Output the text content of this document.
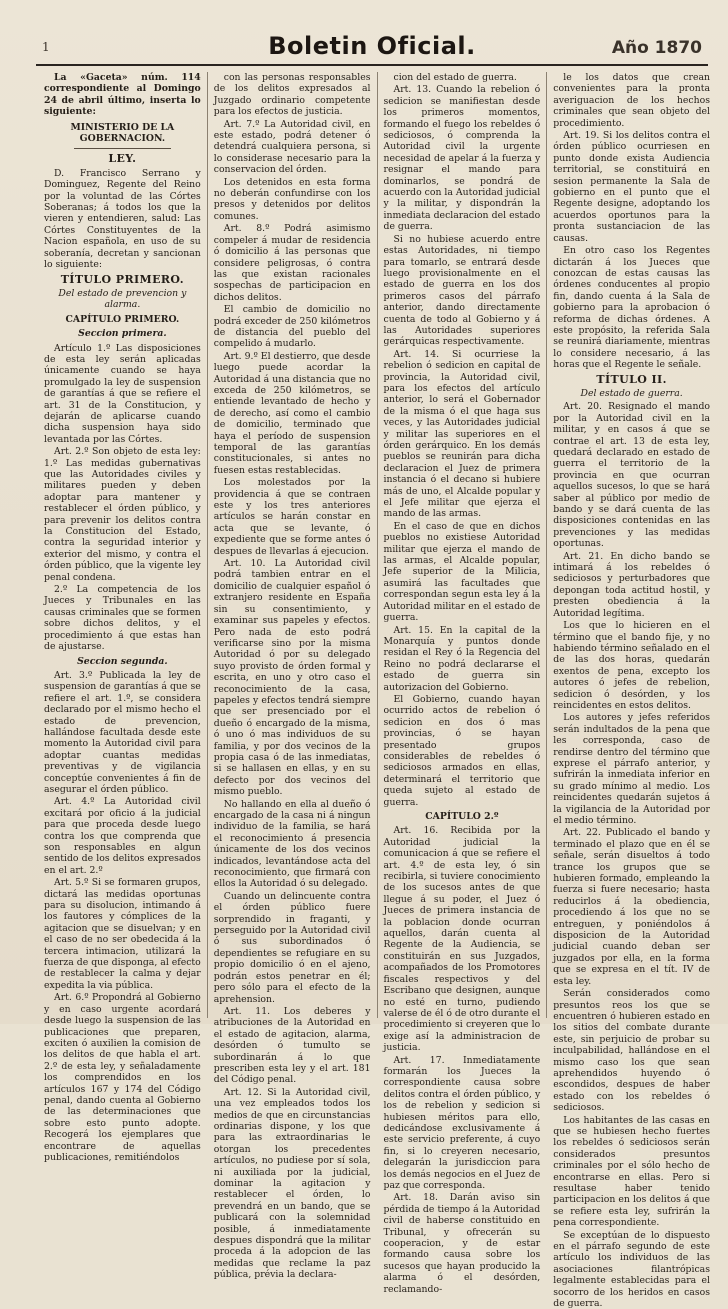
1	Boletin Oficial.	Año 1870

La «Gaceta» núm. 114 correspondiente al Domingo 24 de abril último, inserta lo siguiente:

MINISTERIO DE LA GOBERNACION.

LEY.

D. Francisco Serrano y Dominguez, Regente del Reino por la voluntad de las Córtes Soberanas; á todos los que la vieren y entendieren, salud: Las Córtes Constituyentes de la Nacion española, en uso de su soberanía, decretan y sancionan lo siguiente:

TÍTULO PRIMERO.

Del estado de prevencion y alarma.

CAPÍTULO PRIMERO.

Seccion primera.

Artículo 1.º Las disposiciones de esta ley serán aplicadas únicamente cuando se haya promulgado la ley de suspension de garantías á que se refiere el art. 31 de la Constitucion, y dejarán de aplicarse cuando dicha suspension haya sido levantada por las Córtes.

Art. 2.º Son objeto de esta ley: 1.º Las medidas gubernativas que las Autoridades civiles y militares pueden y deben adoptar para mantener y restablecer el órden público, y para prevenir los delitos contra la Constitucion del Estado, contra la seguridad interior y exterior del mismo, y contra el órden público, que la vigente ley penal condena.

2.º La competencia de los Jueces y Tribunales en las causas criminales que se formen sobre dichos delitos, y el procedimiento á que estas han de ajustarse.

Seccion segunda.

Art. 3.º Publicada la ley de suspension de garantías á que se refiere el art. 1.º, se considera declarado por el mismo hecho el estado de prevencion, hallándose facultada desde este momento la Autoridad civil para adoptar cuantas medidas preventivas y de vigilancia conceptúe convenientes á fin de asegurar el órden público.

Art. 4.º La Autoridad civil excitará por oficio á la judicial para que proceda desde luego contra los que comprenda que son responsables en algun sentido de los delitos expresados en el art. 2.º

Art. 5.º Si se formaren grupos, dictará las medidas oportunas para su disolucion, intimando á los fautores y cómplices de la agitacion que se disuelvan; y en el caso de no ser obedecida á la tercera intimacion, utilizará la fuerza de que disponga, al efecto de restablecer la calma y dejar expedita la via pública.

Art. 6.º Propondrá al Gobierno y en caso urgente acordará desde luego la suspension de las publicaciones que preparen, exciten ó auxilien la comision de los delitos de que habla el art. 2.º de esta ley, y señaladamente los comprendidos en los artículos 167 y 174 del Código penal, dando cuenta al Gobierno de las determinaciones que sobre esto punto adopte. Recogerá los ejemplares que encontrare de aquellas publicaciones, remitiéndolos

con las personas responsables de los delitos expresados al Juzgado ordinario competente para los efectos de justicia.

Art. 7.º La Autoridad civil, en este estado, podrá detener ó detendrá cualquiera persona, si lo considerase necesario para la conservacion del órden.

Los detenidos en esta forma no deberán confundirse con los presos y detenidos por delitos comunes.

Art. 8.º Podrá asimismo compeler á mudar de residencia ó domicilio á las personas que considere peligrosas, ó contra las que existan racionales sospechas de participacion en dichos delitos.

El cambio de domicilio no podrá exceder de 250 kilómetros de distancia del pueblo del compelido á mudarlo.

Art. 9.º El destierro, que desde luego puede acordar la Autoridad á una distancia que no exceda de 250 kilómetros, se entiende levantado de hecho y de derecho, así como el cambio de domicilio, terminado que haya el período de suspension temporal de las garantías constitucionales, si antes no fuesen estas restablecidas.

Los molestados por la providencia á que se contraen este y los tres anteriores artículos se harán constar en acta que se levante, ó expediente que se forme antes ó despues de llevarlas á ejecucion.

Art. 10. La Autoridad civil podrá tambien entrar en el domicilio de cualquier español ó extranjero residente en España sin su consentimiento, y examinar sus papeles y efectos. Pero nada de esto podrá verificarse sino por la misma Autoridad ó por su delegado suyo provisto de órden formal y escrita, en uno y otro caso el reconocimiento de la casa, papeles y efectos tendrá siempre que ser presenciado por el dueño ó encargado de la misma, ó uno ó mas individuos de su familia, y por dos vecinos de la propia casa ó de las inmediatas, si se hallasen en ellas, y en su defecto por dos vecinos del mismo pueblo.

No hallando en ella al dueño ó encargado de la casa ni á ningun individuo de la familia, se hará el reconocimiento á presencia únicamente de los dos vecinos indicados, levantándose acta del reconocimiento, que firmará con ellos la Autoridad ó su delegado.

Cuando un delincuente contra el órden público fuere sorprendido in fraganti, y perseguido por la Autoridad civil ó sus subordinados ó dependientes se refugiare en su propio domicilio ó en el ajeno, podrán estos penetrar en él; pero sólo para el efecto de la aprehension.

Art. 11. Los deberes y atribuciones de la Autoridad en el estado de agitacion, alarma, desórden ó tumulto se subordinarán á lo que prescriben esta ley y el art. 181 del Código penal.

Art. 12. Si la Autoridad civil, una vez empleados todos los medios de que en circunstancias ordinarias dispone, y los que para las extraordinarias le otorgan los precedentes artículos, no pudiese por sí sola, ni auxiliada por la judicial, dominar la agitacion y restablecer el órden, lo prevendrá en un bando, que se publicará con la solemnidad posible, á inmediatamente despues dispondrá que la militar proceda á la adopcion de las medidas que reclame la paz pública, prévia la declara-

cion del estado de guerra.

Art. 13. Cuando la rebelion ó sedicion se manifiestan desde los primeros momentos, formando el fuego los rebeldes ó sediciosos, ó comprenda la Autoridad civil la urgente necesidad de apelar á la fuerza y resignar el mando para dominarlos, se pondrá de acuerdo con la Autoridad judicial y la militar, y dispondrán la inmediata declaracion del estado de guerra.

Si no hubiese acuerdo entre estas Autoridades, ni tiempo para tomarlo, se entrará desde luego provisionalmente en el estado de guerra en los dos primeros casos del párrafo anterior, dando directamente cuenta de todo al Gobierno y á las Autoridades superiores gerárquicas respectivamente.

Art. 14. Si ocurriese la rebelion ó sedicion en capital de provincia, la Autoridad civil, para los efectos del artículo anterior, lo será el Gobernador de la misma ó el que haga sus veces, y las Autoridades judicial y militar las superiores en el órden gerárquico. En los demás pueblos se reunirán para dicha declaracion el Juez de primera instancia ó el decano si hubiere más de uno, el Alcalde popular y el Jefe militar que ejerza el mando de las armas.

En el caso de que en dichos pueblos no existiese Autoridad militar que ejerza el mando de las armas, el Alcalde popular, Jefe superior de la Milicia, asumirá las facultades que correspondan segun esta ley á la Autoridad militar en el estado de guerra.

Art. 15. En la capital de la Monarquía y puntos donde residan el Rey ó la Regencia del Reino no podrá declararse el estado de guerra sin autorizacion del Gobierno.

El Gobierno, cuando hayan ocurrido actos de rebelion ó sedicion en dos ó mas provincias, ó se hayan presentado grupos considerables de rebeldes ó sediciosos armados en ellas, determinará el territorio que queda sujeto al estado de guerra.

CAPÍTULO 2.º

Art. 16. Recibida por la Autoridad judicial la comunicacion á que se refiere el art. 4.º de esta ley, ó sin recibirla, si tuviere conocimiento de los sucesos antes de que llegue á su poder, el Juez ó Jueces de primera instancia de la poblacion donde ocurran aquellos, darán cuenta al Regente de la Audiencia, se constituirán en sus Juzgados, acompañados de los Promotores fiscales respectivos y del Escribano que designen, aunque no esté en turno, pudiendo valerse de él ó de otro durante el procedimiento si creyeren que lo exige así la administracion de justicia.

Art. 17. Inmediatamente formarán los Jueces la correspondiente causa sobre delitos contra el órden público, y los de rebelion y sedicion si hubiesen méritos para ello, dedicándose exclusivamente á este servicio preferente, á cuyo fin, si lo creyeren necesario, delegarán la jurisdiccion para los demás negocios en el Juez de paz que corresponda.

Art. 18. Darán aviso sin pérdida de tiempo á la Autoridad civil de haberse constituido en Tribunal, y ofrecerán su cooperacion, y de estar formando causa sobre los sucesos que hayan producido la alarma ó el desórden, reclamando-

le los datos que crean convenientes para la pronta averiguacion de los hechos criminales que sean objeto del procedimiento.

Art. 19. Si los delitos contra el órden público ocurriesen en punto donde exista Audiencia territorial, se constituirá en sesion permanente la Sala de gobierno en el punto que el Regente designe, adoptando los acuerdos oportunos para la pronta sustanciacion de las causas.

En otro caso los Regentes dictarán á los Jueces que conozcan de estas causas las órdenes conducentes al propio fin, dando cuenta á la Sala de gobierno para la aprobacion ó reforma de dichas órdenes. A este propósito, la referida Sala se reunirá diariamente, mientras lo considere necesario, á las horas que el Regente le señale.

TÍTULO II.

Del estado de guerra.

Art. 20. Resignado el mando por la Autoridad civil en la militar, y en casos á que se contrae el art. 13 de esta ley, quedará declarado en estado de guerra el territorio de la provincia en que ocurran aquellos sucesos, lo que se hará saber al público por medio de bando y se dará cuenta de las disposiciones contenidas en las prevenciones y las medidas oportunas.

Art. 21. En dicho bando se intimará á los rebeldes ó sediciosos y perturbadores que depongan toda actitud hostil, y presten obediencia á la Autoridad legítima.

Los que lo hicieren en el término que el bando fije, y no habiendo término señalado en el de las dos horas, quedarán exentos de pena, excepto los autores ó jefes de rebelion, sedicion ó desórden, y los reincidentes en estos delitos.

Los autores y jefes referidos serán indultados de la pena que les corresponda, caso de rendirse dentro del término que exprese el párrafo anterior, y sufrirán la inmediata inferior en su grado mínimo al medio. Los reincidentes quedarán sujetos á la vigilancia de la Autoridad por el medio término.

Art. 22. Publicado el bando y terminado el plazo que en él se señale, serán disueltos á todo trance los grupos que se hubieren formado, empleando la fuerza si fuere necesario; hasta reducirlos á la obediencia, procediendo á los que no se entreguen, y poniéndolos á disposicion de la Autoridad judicial cuando deban ser juzgados por ella, en la forma que se expresa en el tít. IV de esta ley.

Serán considerados como presuntos reos los que se encuentren ó hubieren estado en los sitios del combate durante este, sin perjuicio de probar su inculpabilidad, hallándose en el mismo caso los que sean aprehendidos huyendo ó escondidos, despues de haber estado con los rebeldes ó sediciosos.

Los habitantes de las casas en que se hubiesen hecho fuertes los rebeldes ó sediciosos serán considerados presuntos criminales por el sólo hecho de encontrarse en ellas. Pero si resultase haber tenido participacion en los delitos á que se refiere esta ley, sufrirán la pena correspondiente.

Se exceptúan de lo dispuesto en el párrafo segundo de este artículo los individuos de las asociaciones filantrópicas legalmente establecidas para el socorro de los heridos en casos de guerra.
